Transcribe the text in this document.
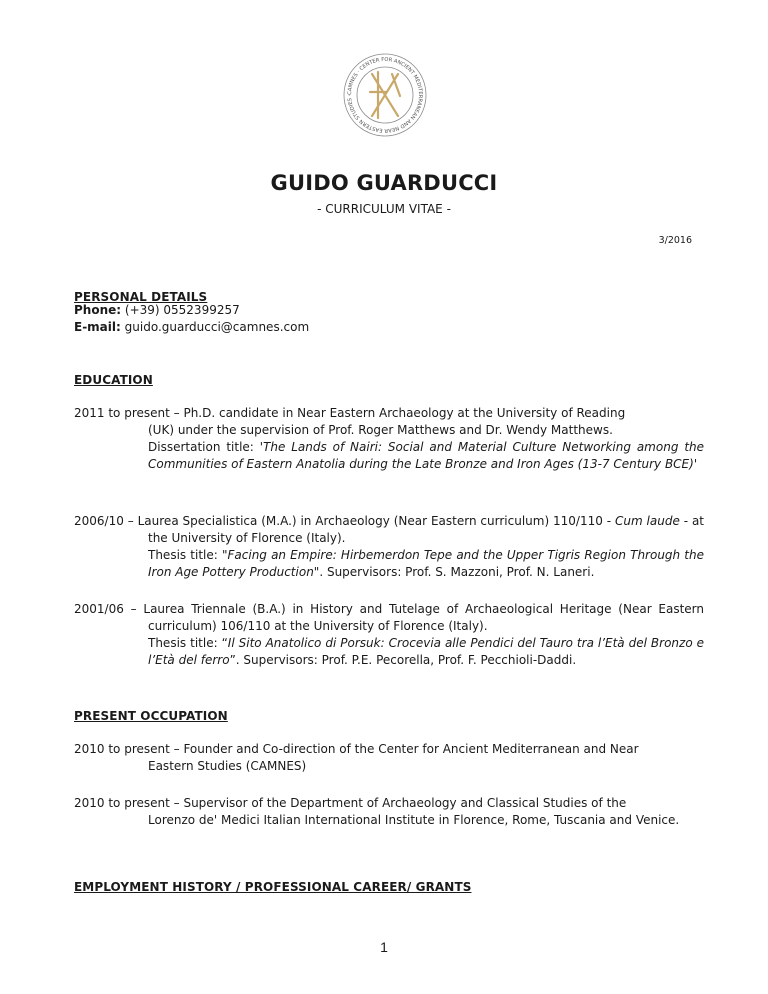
CAMNES · CENTER FOR ANCIENT MEDITERRANEAN AND NEAR EASTERN STUDIES ·
GUIDO GUARDUCCI
- CURRICULUM VITAE -
3/2016
PERSONAL DETAILS
Phone: (+39) 0552399257
E-mail: guido.guarducci@camnes.com
EDUCATION

2011 to present – Ph.D. candidate in Near Eastern Archaeology at the University of Reading

(UK) under the supervision of Prof. Roger Matthews and Dr. Wendy Matthews.

Dissertation title: 'The Lands of Nairi: Social and Material Culture Networking among the Communities of Eastern Anatolia during the Late Bronze and Iron Ages (13-7 Century BCE)'

2006/10 – Laurea Specialistica (M.A.) in Archaeology (Near Eastern curriculum) 110/110 - Cum laude - at the University of Florence (Italy).

Thesis title: "Facing an Empire: Hirbemerdon Tepe and the Upper Tigris Region Through the Iron Age Pottery Production". Supervisors: Prof. S. Mazzoni, Prof. N. Laneri.

2001/06 – Laurea Triennale (B.A.) in History and Tutelage of Archaeological Heritage (Near Eastern curriculum) 106/110 at the University of Florence (Italy).

Thesis title: “Il Sito Anatolico di Porsuk: Crocevia alle Pendici del Tauro tra l’Età del Bronzo e l’Età del ferro”. Supervisors: Prof. P.E. Pecorella, Prof. F. Pecchioli-Daddi.

PRESENT OCCUPATION

2010 to present – Founder and Co-direction of the Center for Ancient Mediterranean and Near

Eastern Studies (CAMNES)

2010 to present – Supervisor of the Department of Archaeology and Classical Studies of the

Lorenzo de' Medici Italian International Institute in Florence, Rome, Tuscania and Venice.

EMPLOYMENT HISTORY / PROFESSIONAL CAREER/ GRANTS
1
